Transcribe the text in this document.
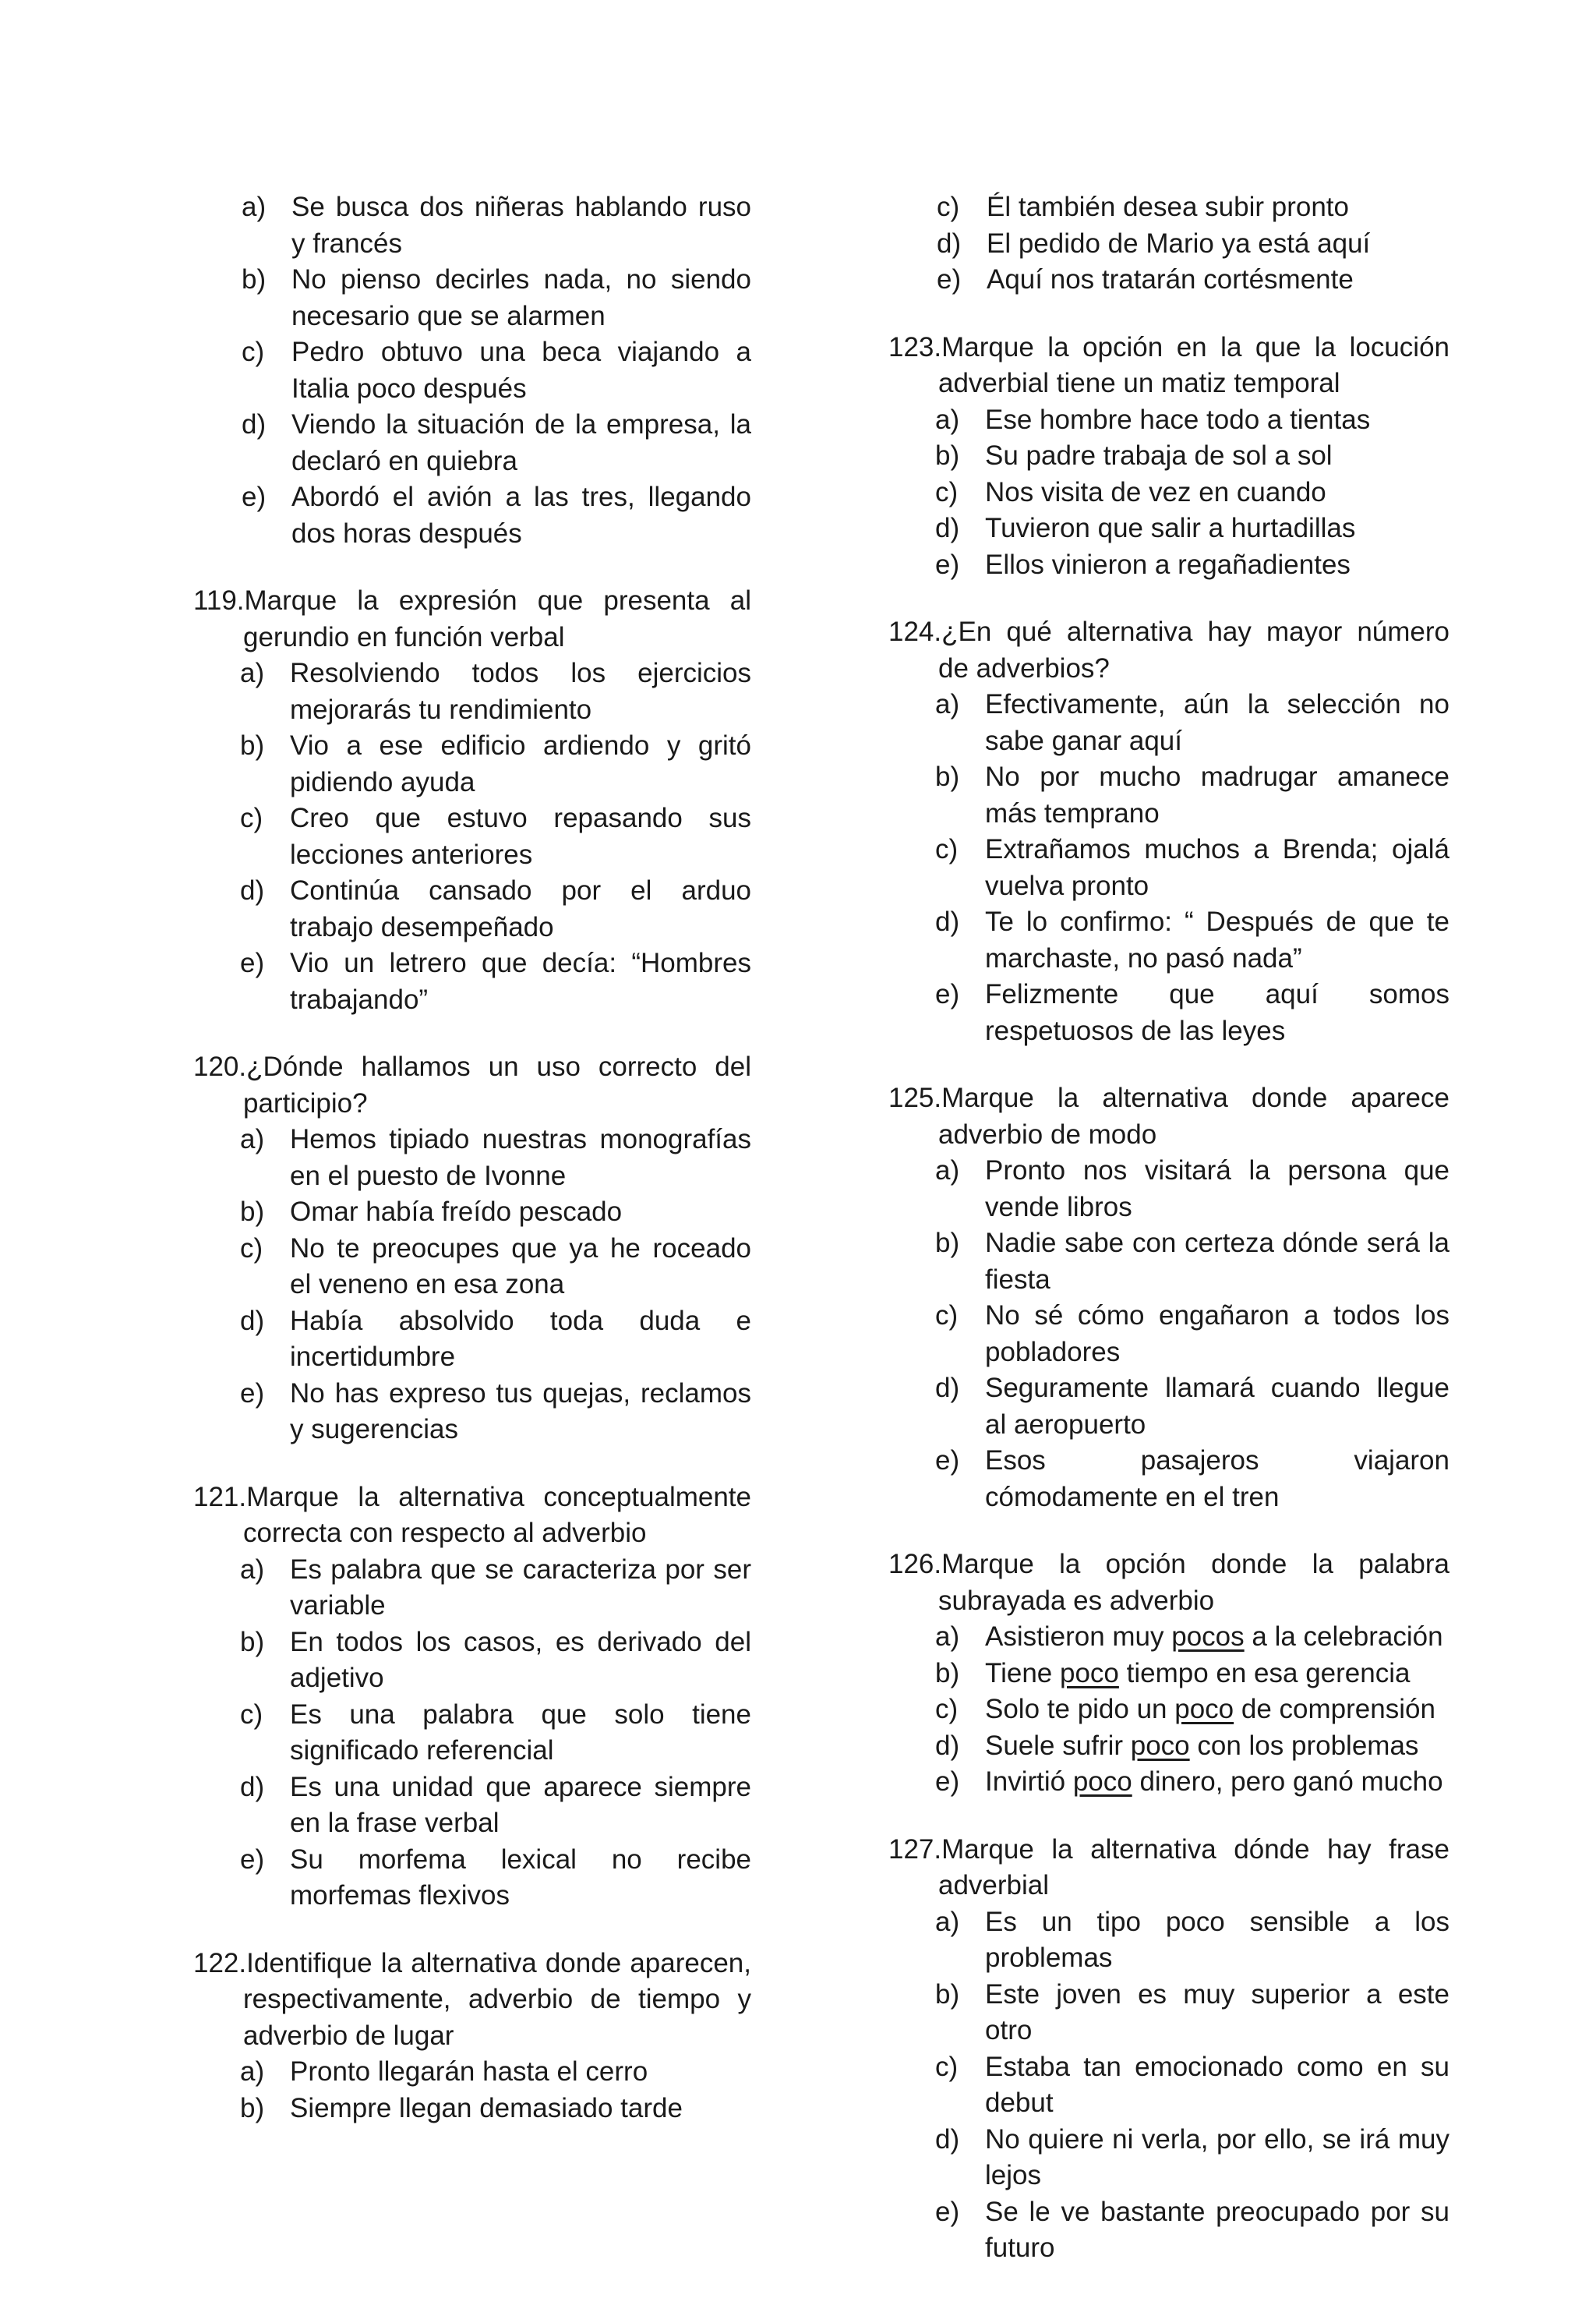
a) Se busca dos niñeras hablando ruso y francés
b) No pienso decirles nada, no siendo necesario que se alarmen
c) Pedro obtuvo una beca viajando a Italia poco después
d) Viendo la situación de la empresa, la declaró en quiebra
e) Abordó el avión a las tres, llegando dos horas después
119.Marque la expresión que presenta al gerundio en función verbal
a) Resolviendo todos los ejercicios mejorarás tu rendimiento
b) Vio a ese edificio ardiendo y gritó pidiendo ayuda
c) Creo que estuvo repasando sus lecciones anteriores
d) Continúa cansado por el arduo trabajo desempeñado
e) Vio un letrero que decía: “Hombres trabajando”
120.¿Dónde hallamos un uso correcto del participio?
a) Hemos tipiado nuestras monografías en el puesto de Ivonne
b) Omar había freído pescado
c) No te preocupes que ya he roceado el veneno en esa zona
d) Había absolvido toda duda e incertidumbre
e) No has expreso tus quejas, reclamos y sugerencias
121.Marque la alternativa conceptualmente correcta con respecto al adverbio
a) Es palabra que se caracteriza por ser variable
b) En todos los casos, es derivado del adjetivo
c) Es una palabra que solo tiene significado referencial
d) Es una unidad que aparece siempre en la frase verbal
e) Su morfema lexical no recibe morfemas flexivos
122.Identifique la alternativa donde aparecen, respectivamente, adverbio de tiempo y adverbio de lugar
a) Pronto llegarán hasta el cerro
b) Siempre llegan demasiado tarde
c) Él también desea subir pronto
d) El pedido de Mario ya está aquí
e) Aquí nos tratarán cortésmente
123.Marque la opción en la que la locución adverbial tiene un matiz temporal
a) Ese hombre hace todo a tientas
b) Su padre trabaja de sol a sol
c) Nos visita de vez en cuando
d) Tuvieron que salir a hurtadillas
e) Ellos vinieron a regañadientes
124.¿En qué alternativa hay mayor número de adverbios?
a) Efectivamente, aún la selección no sabe ganar aquí
b) No por mucho madrugar amanece más temprano
c) Extrañamos muchos a Brenda; ojalá vuelva pronto
d) Te lo confirmo: “ Después de que te marchaste, no pasó nada”
e) Felizmente que aquí somos respetuosos de las leyes
125.Marque la alternativa donde aparece adverbio de modo
a) Pronto nos visitará la persona que vende libros
b) Nadie sabe con certeza dónde será la fiesta
c) No sé cómo engañaron a todos los pobladores
d) Seguramente llamará cuando llegue al aeropuerto
e) Esos pasajeros viajaron cómodamente en el tren
126.Marque la opción donde la palabra subrayada es adverbio
a) Asistieron muy pocos a la celebración
b) Tiene poco tiempo en esa gerencia
c) Solo te pido un poco de comprensión
d) Suele sufrir poco con los problemas
e) Invirtió poco dinero, pero ganó mucho
127.Marque la alternativa dónde hay frase adverbial
a) Es un tipo poco sensible a los problemas
b) Este joven es muy superior a este otro
c) Estaba tan emocionado como en su debut
d) No quiere ni verla, por ello, se irá muy lejos
e) Se le ve bastante preocupado por su futuro
